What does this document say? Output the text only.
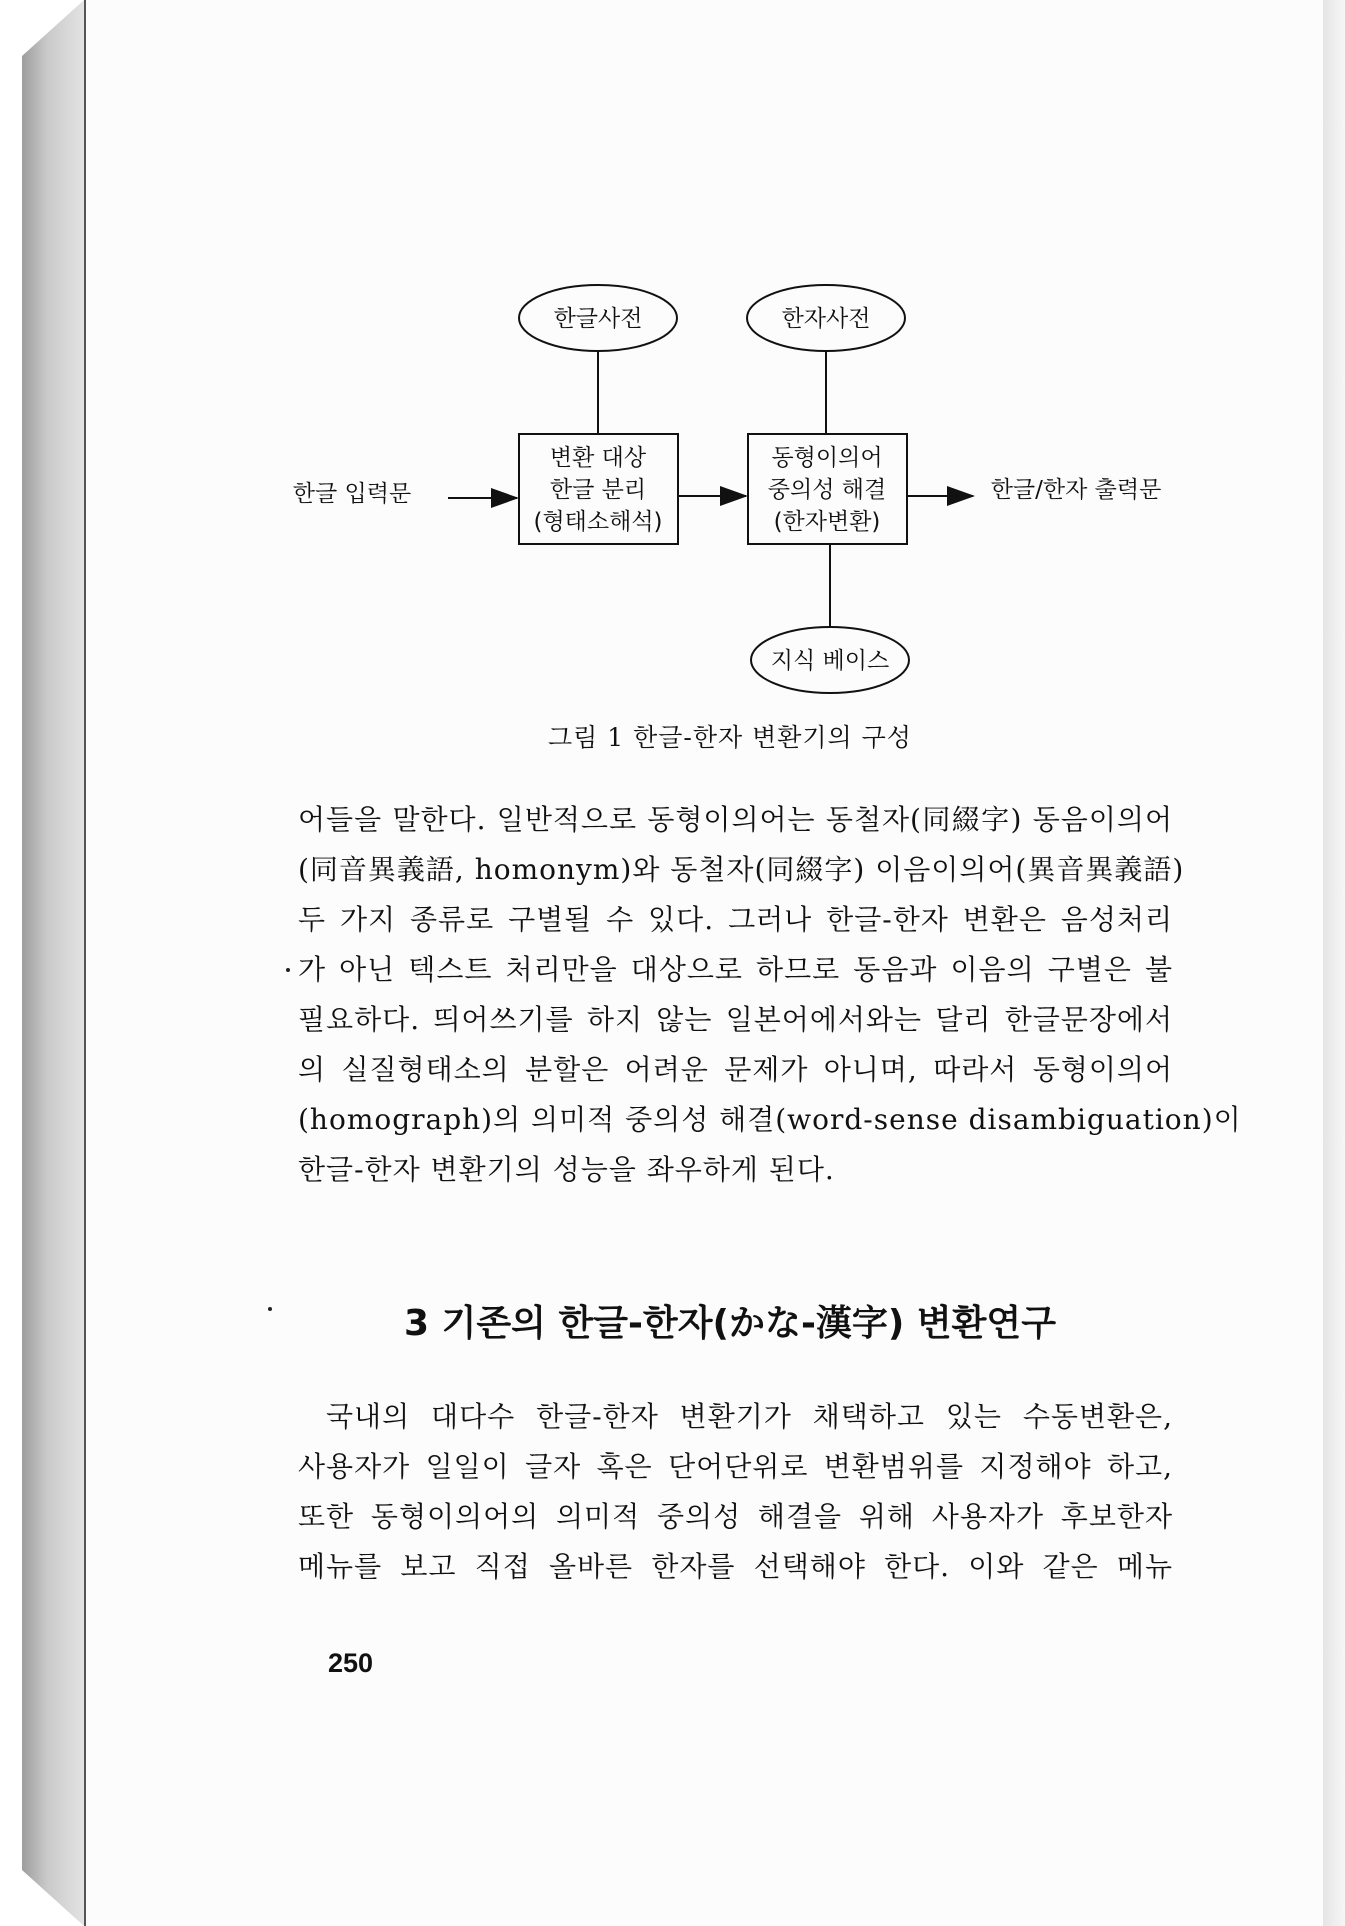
한글사전	한자사전
지식 베이스
변환 대상
한글 분리
(형태소해석)
동형이의어
중의성 해결
(한자변환)
한글 입력문	한글/한자 출력문
그림 1 한글-한자 변환기의 구성
어들을 말한다. 일반적으로 동형이의어는 동철자(同綴字) 동음이의어
(同音異義語, homonym)와 동철자(同綴字) 이음이의어(異音異義語)
두 가지 종류로 구별될 수 있다. 그러나 한글-한자 변환은 음성처리
가 아닌 텍스트 처리만을 대상으로 하므로 동음과 이음의 구별은 불
필요하다. 띄어쓰기를 하지 않는 일본어에서와는 달리 한글문장에서
의 실질형태소의 분할은 어려운 문제가 아니며, 따라서 동형이의어
(homograph)의 의미적 중의성 해결(word-sense disambiguation)이
한글-한자 변환기의 성능을 좌우하게 된다.
3 기존의 한글-한자(かな-漢字) 변환연구
국내의 대다수 한글-한자 변환기가 채택하고 있는 수동변환은,
사용자가 일일이 글자 혹은 단어단위로 변환범위를 지정해야 하고,
또한 동형이의어의 의미적 중의성 해결을 위해 사용자가 후보한자
메뉴를 보고 직접 올바른 한자를 선택해야 한다. 이와 같은 메뉴
250
